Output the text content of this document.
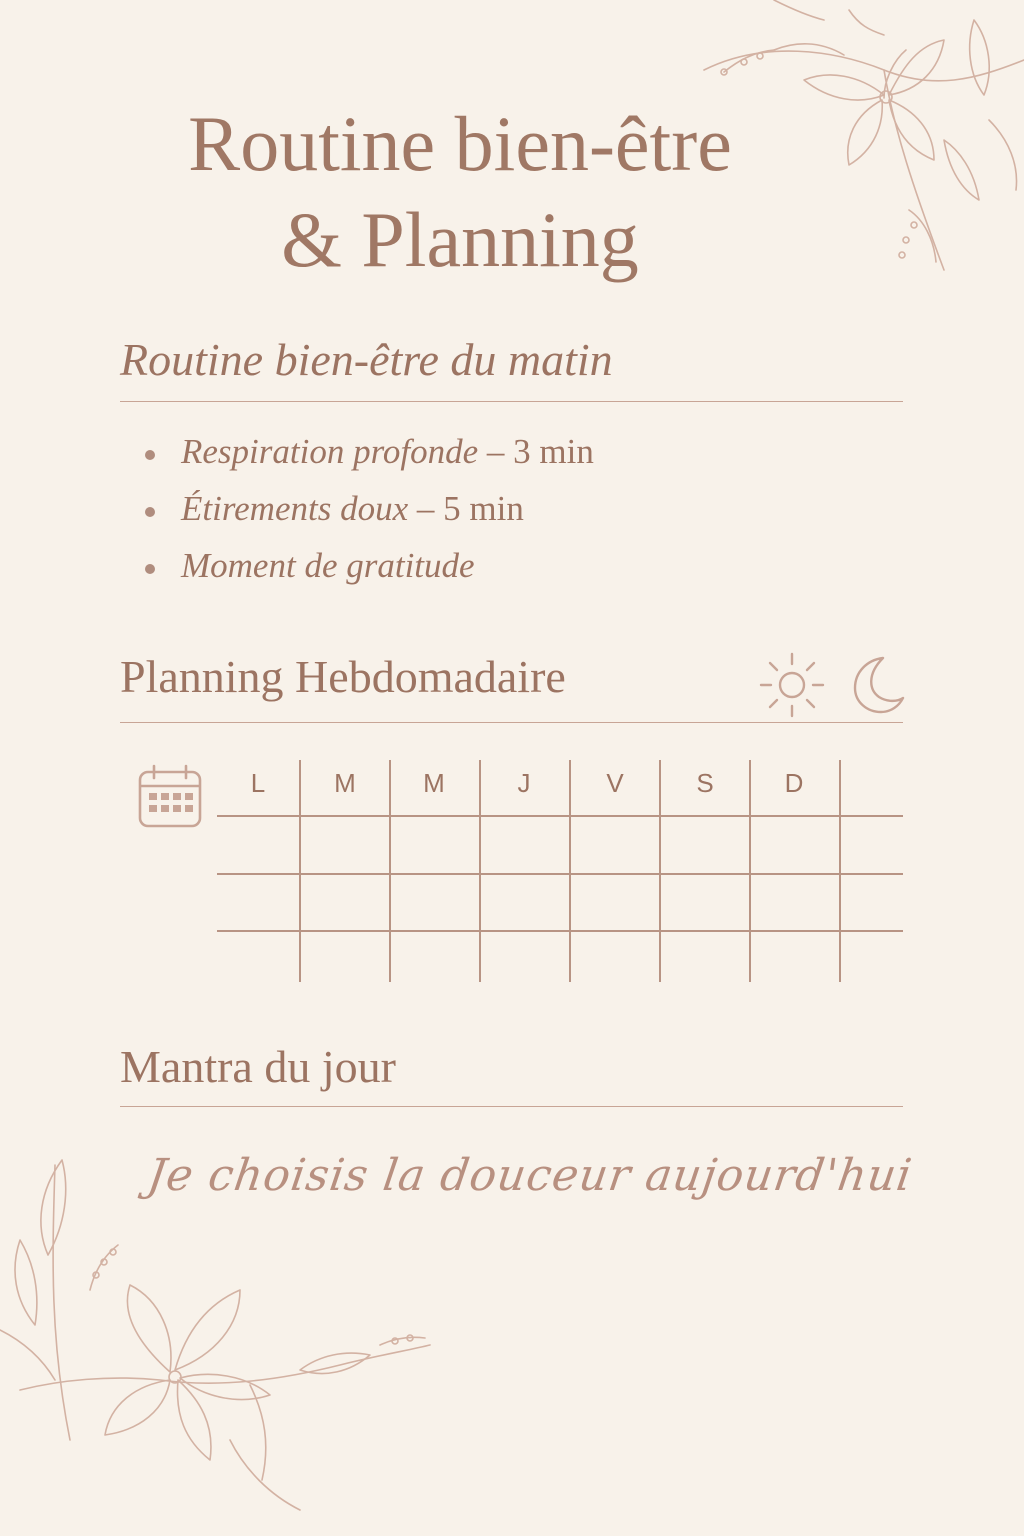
Routine bien-être
& Planning
Routine bien-être du matin
Respiration profonde – 3 min
Étirements doux – 5 min
Moment de gratitude
Planning Hebdomadaire
L	M	M	J	V	S	D
Mantra du jour
Je choisis la douceur aujourd'hui
